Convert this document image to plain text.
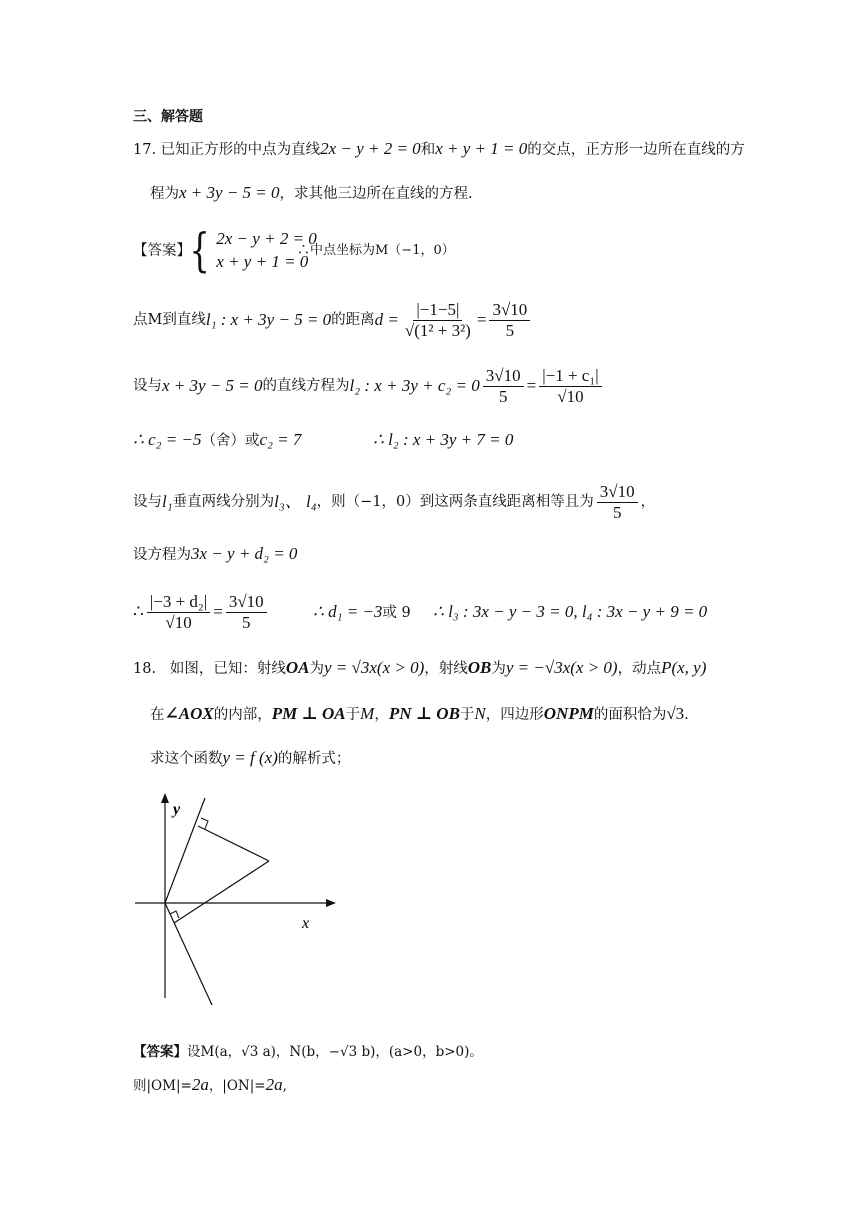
三、解答题
17. 已知正方形的中点为直线2x − y + 2 = 0和x + y + 1 = 0的交点，正方形一边所在直线的方
程为x + 3y − 5 = 0，求其他三边所在直线的方程.
【答案】
{ 2x − y + 2 = 0
x + y + 1 = 0
∴中点坐标为M（−1，0）
点M到直线 l₁ : x + 3y − 5 = 0 的距离 $d = \frac{|-1-5|}{\text{√(1² + 3²)}} = \frac{3√10}{5}$
设与 x + 3y − 5 = 0 的直线方程为 l₂ : $x + 3y + c_2 = 0 \frac{3√10}{5} = \frac{\text{|−1 + c₁|}}{√10}$
∴ c₂ = −5（舍）或c₂ = 7	∴ l₂ : x + 3y + 7 = 0
设与 l₁ 垂直两线分别为 l₃、 l₄ ，则（−1，0）到这两条直线距离相等且为 $\frac{3√10}{5}$ ，
设方程为3x − y + d₂ = 0
∴ $\frac{\text{|−3 + d₂|}}{√10} = \frac{3√10}{5}$	∴ d₁ = −3或 9 ∴ l₃ : 3x − y − 3 = 0, l₄ : 3x − y + 9 = 0
18. 如图，已知：射线OA为y = √3x(x > 0)，射线OB为y = −√3x(x > 0)，动点P(x, y)
在∠AOX的内部，PM ⊥ OA于M，PN ⊥ OB于N，四边形ONPM的面积恰为√3.
求这个函数y = f (x)的解析式；
y
x
【答案】设M(a，√3 a)，N(b，−√3 b)，(a>0，b>0)。
则|OM|=2a，|ON|=2a,
